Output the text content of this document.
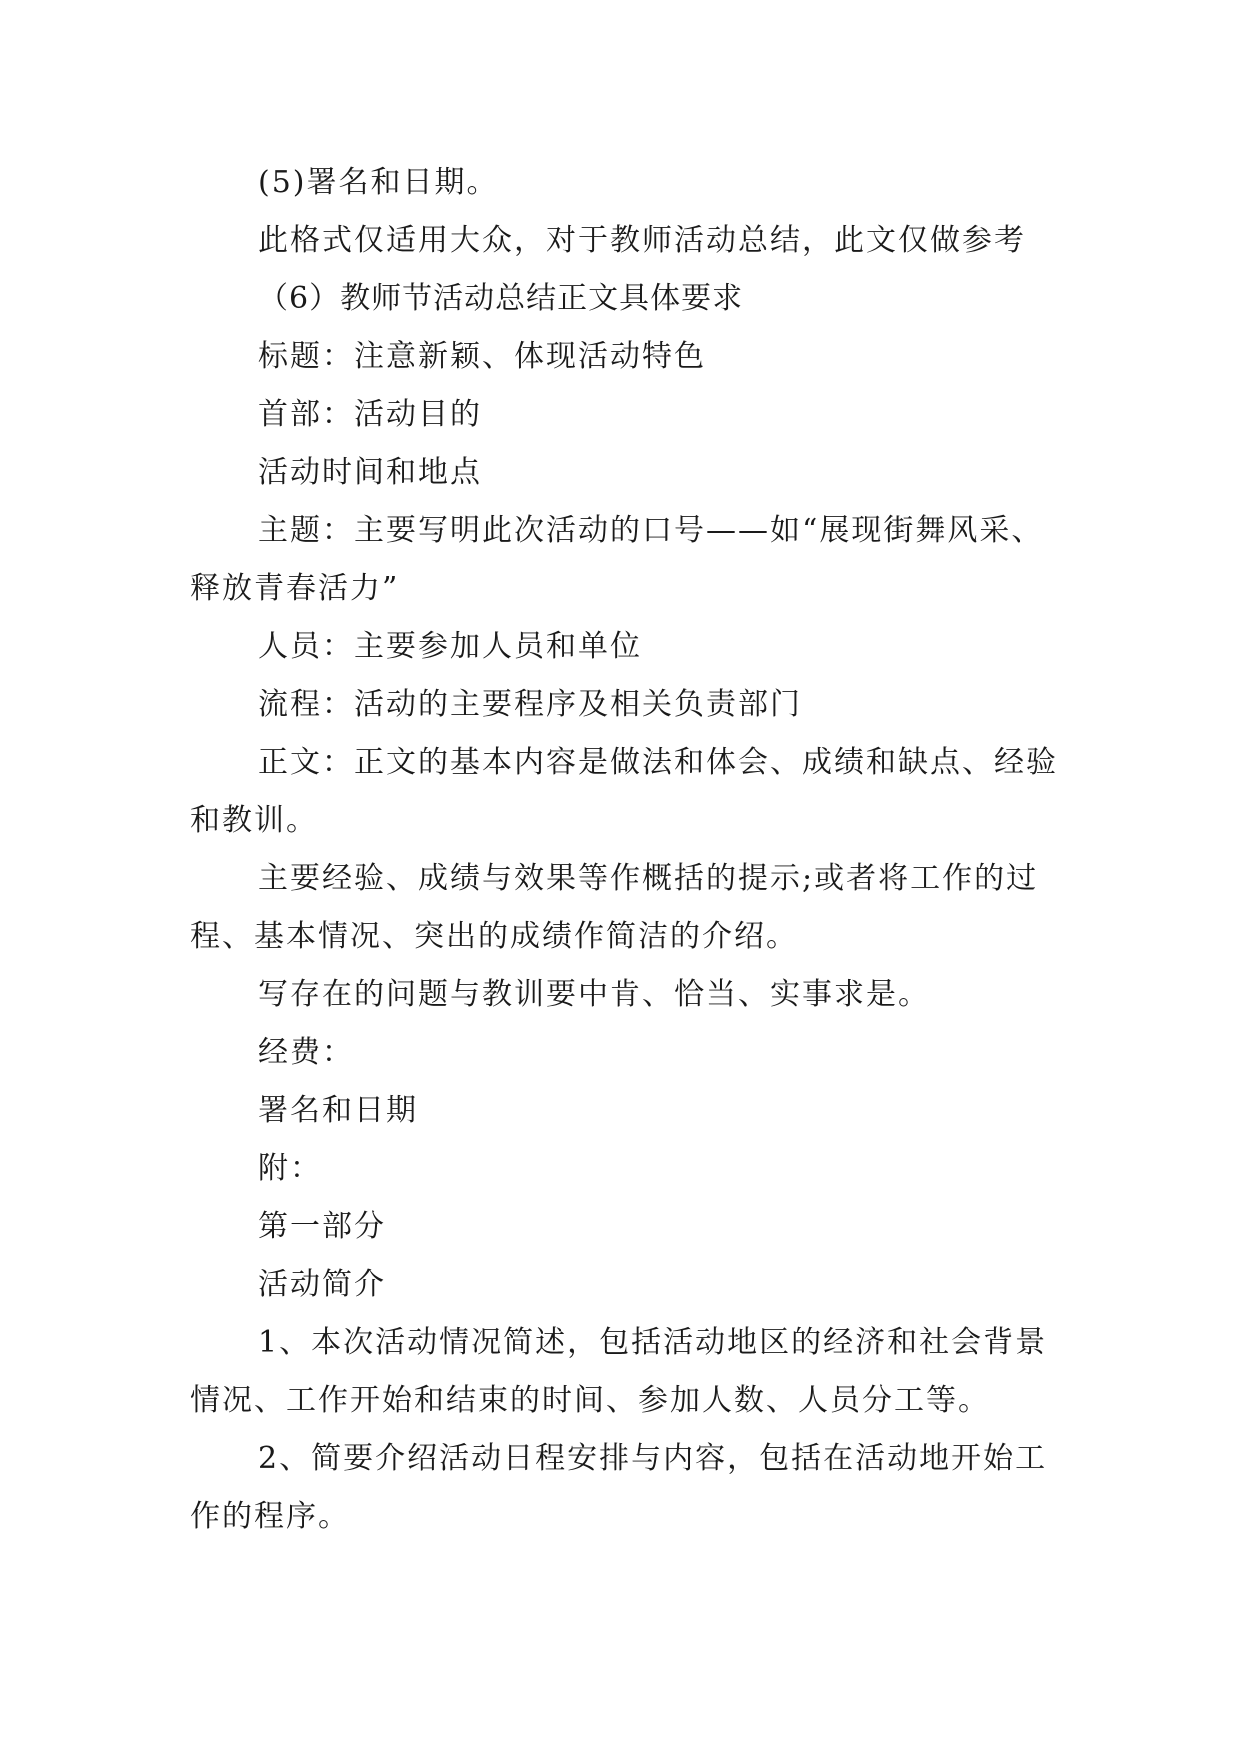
(5)署名和日期。

此格式仅适用大众，对于教师活动总结，此文仅做参考

（6）教师节活动总结正文具体要求

标题：注意新颖、体现活动特色

首部：活动目的

活动时间和地点

主题：主要写明此次活动的口号——如“展现街舞风采、释放青春活力”

人员：主要参加人员和单位

流程：活动的主要程序及相关负责部门

正文：正文的基本内容是做法和体会、成绩和缺点、经验和教训。

主要经验、成绩与效果等作概括的提示;或者将工作的过程、基本情况、突出的成绩作简洁的介绍。

写存在的问题与教训要中肯、恰当、实事求是。

经费：

署名和日期

附：

第一部分

活动简介

1、本次活动情况简述，包括活动地区的经济和社会背景情况、工作开始和结束的时间、参加人数、人员分工等。

2、简要介绍活动日程安排与内容，包括在活动地开始工作的程序。
